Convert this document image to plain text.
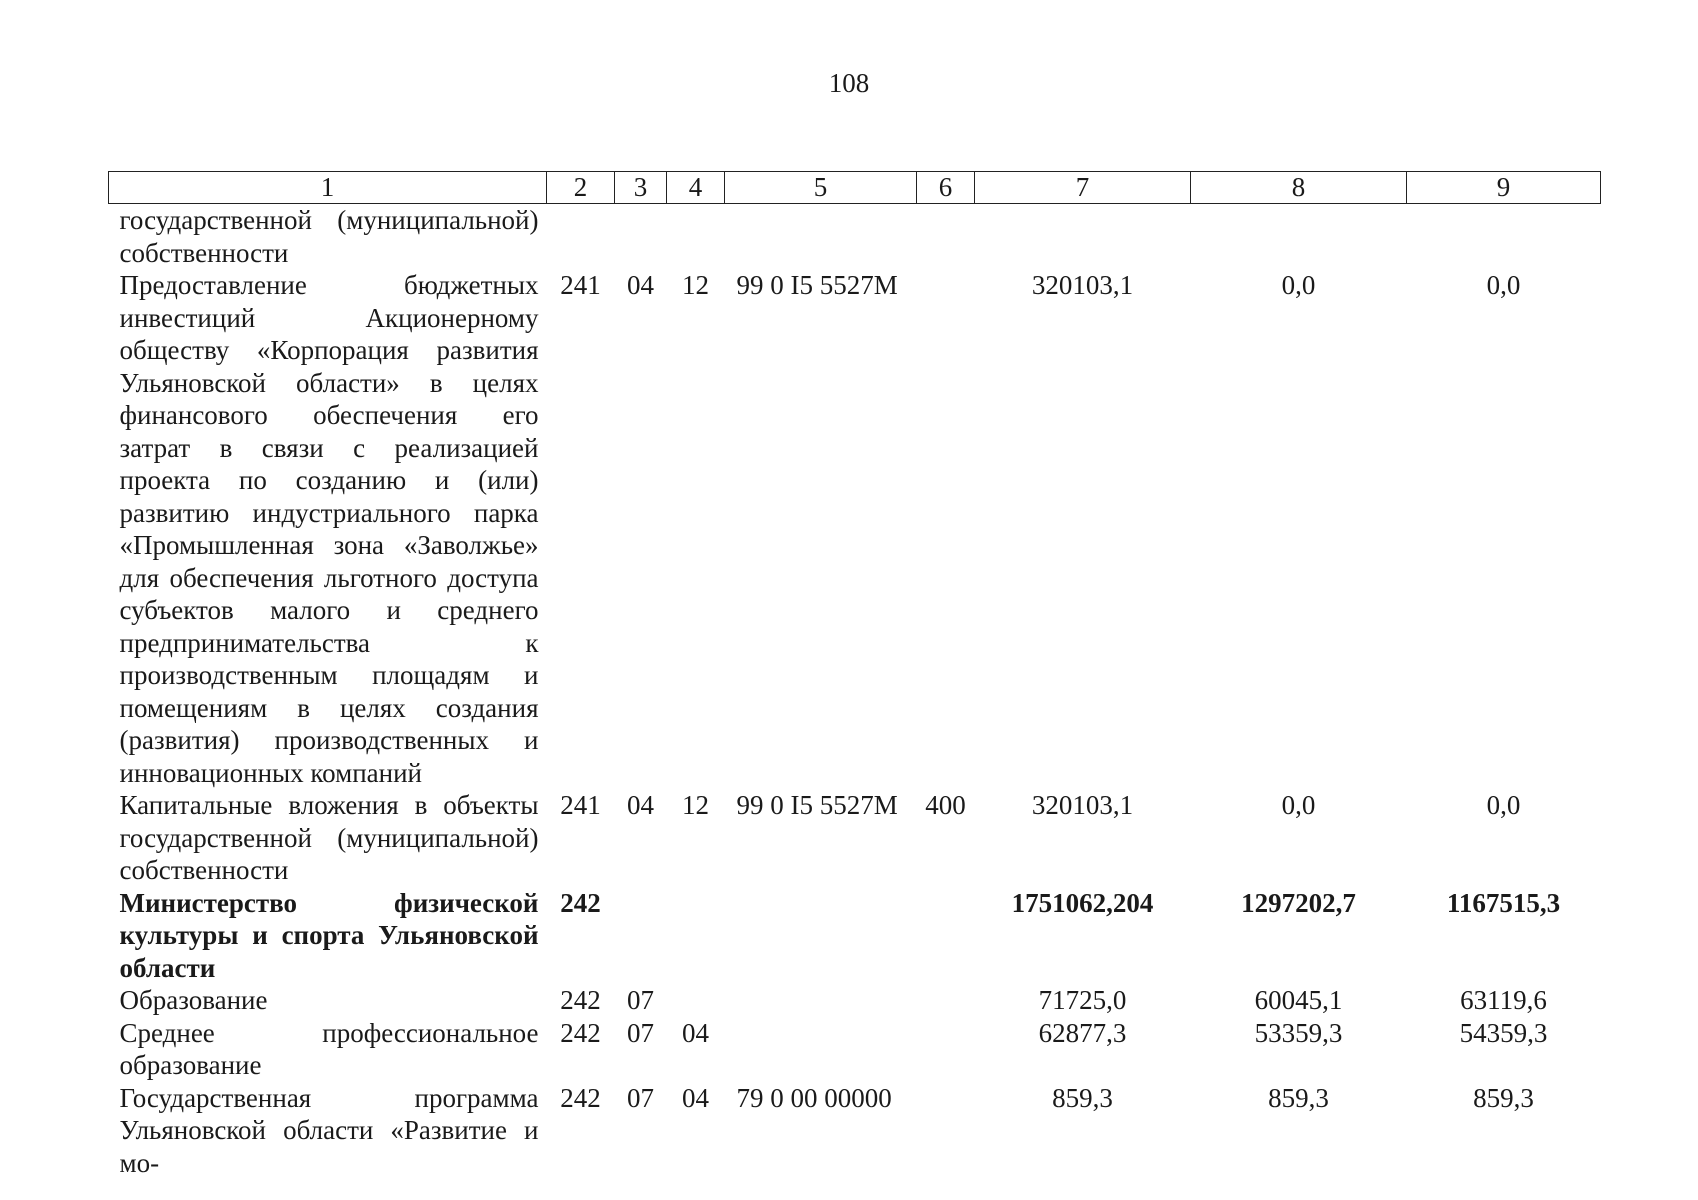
108
1	2	3	4	5	6	7	8	9
государственной (муниципальной) собственности								
Предоставление бюджетных инвестиций Акционерному обществу «Корпорация развития Ульяновской области» в целях финансового обеспечения его затрат в связи с реализацией проекта по созданию и (или) развитию индустриального парка «Промышленная зона «Заволжье» для обеспечения льготного доступа субъектов малого и среднего предпринимательства к производственным площадям и помещениям в целях создания (развития) производственных и инновационных компаний	241	04	12	99 0 I5 5527M		320103,1	0,0	0,0
Капитальные вложения в объекты государственной (муниципальной) собственности	241	04	12	99 0 I5 5527M	400	320103,1	0,0	0,0
Министерство физической культуры и спорта Ульяновской области	242					1751062,204	1297202,7	1167515,3
Образование	242	07				71725,0	60045,1	63119,6
Среднее профессиональное образование	242	07	04			62877,3	53359,3	54359,3
Государственная программа Ульяновской области «Развитие и мо-	242	07	04	79 0 00 00000		859,3	859,3	859,3
